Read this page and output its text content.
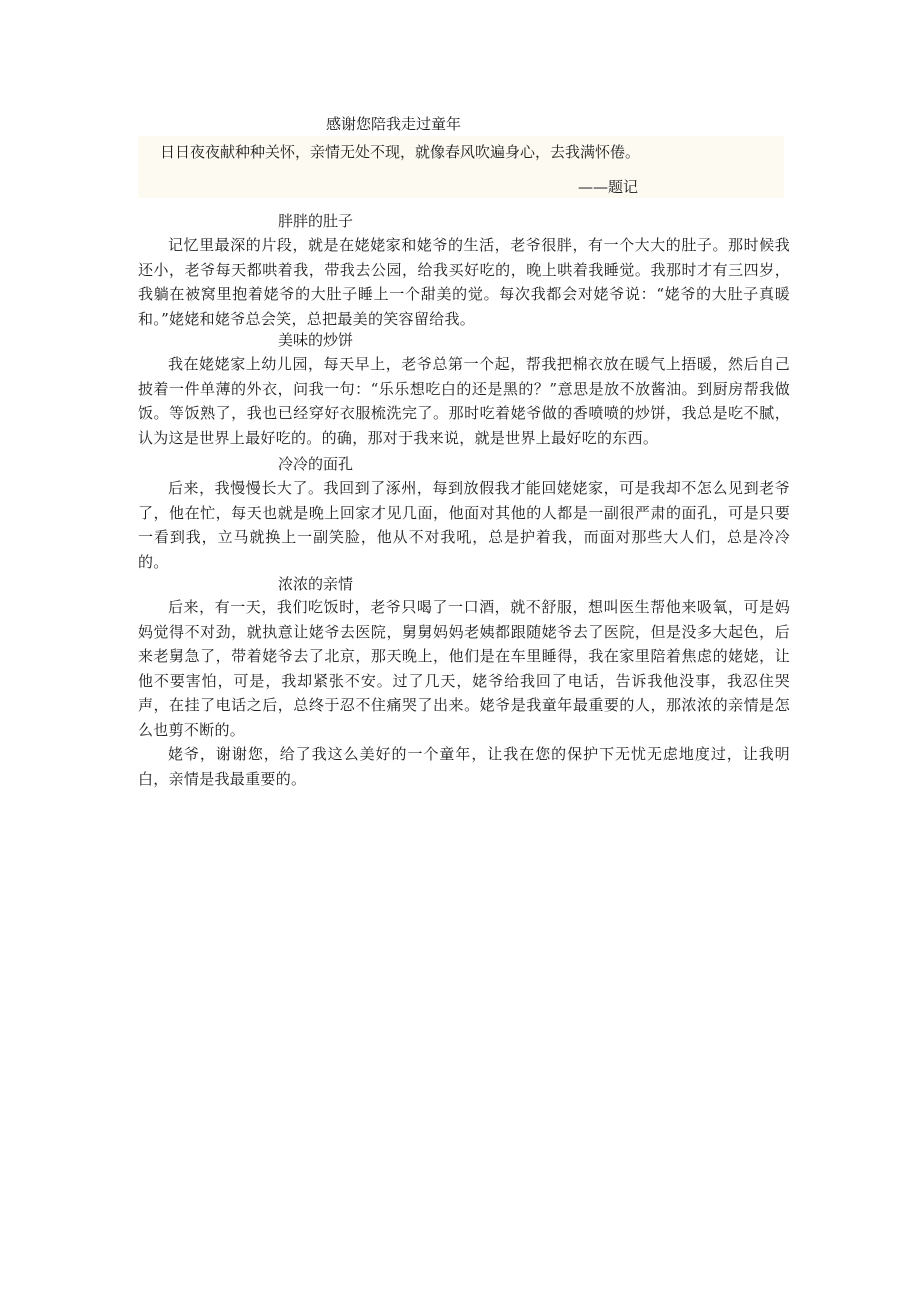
感谢您陪我走过童年
日日夜夜献种种关怀，亲情无处不现，就像春风吹遍身心，去我满怀倦。
——题记
胖胖的肚子
记忆里最深的片段，就是在姥姥家和姥爷的生活，老爷很胖，有一个大大的肚子。那时候我还小，老爷每天都哄着我，带我去公园，给我买好吃的，晚上哄着我睡觉。我那时才有三四岁，我躺在被窝里抱着姥爷的大肚子睡上一个甜美的觉。每次我都会对姥爷说：“姥爷的大肚子真暖和。”姥姥和姥爷总会笑，总把最美的笑容留给我。
美味的炒饼
我在姥姥家上幼儿园，每天早上，老爷总第一个起，帮我把棉衣放在暖气上捂暖，然后自己披着一件单薄的外衣，问我一句：“乐乐想吃白的还是黑的？”意思是放不放酱油。到厨房帮我做饭。等饭熟了，我也已经穿好衣服梳洗完了。那时吃着姥爷做的香喷喷的炒饼，我总是吃不腻，认为这是世界上最好吃的。的确，那对于我来说，就是世界上最好吃的东西。
冷冷的面孔
后来，我慢慢长大了。我回到了涿州，每到放假我才能回姥姥家，可是我却不怎么见到老爷了，他在忙，每天也就是晚上回家才见几面，他面对其他的人都是一副很严肃的面孔，可是只要一看到我，立马就换上一副笑脸，他从不对我吼，总是护着我，而面对那些大人们，总是冷冷的。
浓浓的亲情
后来，有一天，我们吃饭时，老爷只喝了一口酒，就不舒服，想叫医生帮他来吸氧，可是妈妈觉得不对劲，就执意让姥爷去医院，舅舅妈妈老姨都跟随姥爷去了医院，但是没多大起色，后来老舅急了，带着姥爷去了北京，那天晚上，他们是在车里睡得，我在家里陪着焦虑的姥姥，让他不要害怕，可是，我却紧张不安。过了几天，姥爷给我回了电话，告诉我他没事，我忍住哭声，在挂了电话之后，总终于忍不住痛哭了出来。姥爷是我童年最重要的人，那浓浓的亲情是怎么也剪不断的。
姥爷，谢谢您，给了我这么美好的一个童年，让我在您的保护下无忧无虑地度过，让我明白，亲情是我最重要的。
